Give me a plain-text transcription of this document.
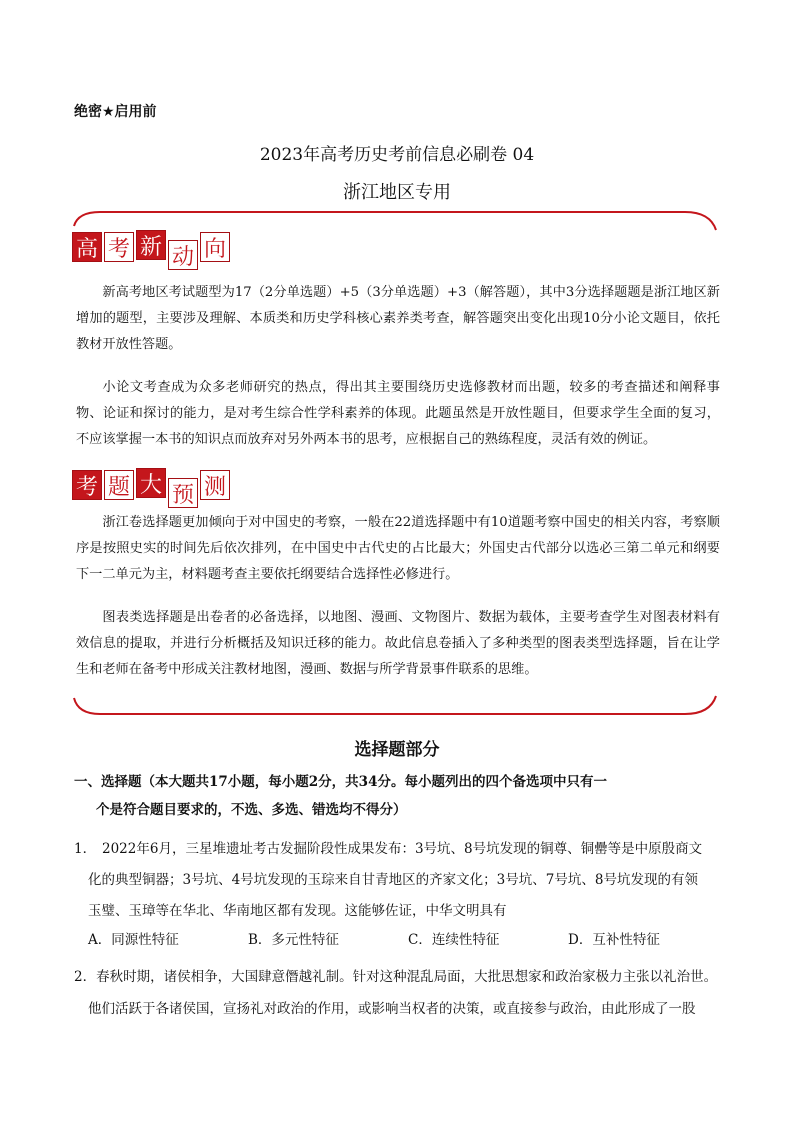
绝密★启用前
2023年高考历史考前信息必刷卷 04
浙江地区专用
高 考 新 动 向

新高考地区考试题型为17（2分单选题）+5（3分单选题）+3（解答题），其中3分选择题题是浙江地区新增加的题型，主要涉及理解、本质类和历史学科核心素养类考查，解答题突出变化出现10分小论文题目，依托教材开放性答题。

小论文考查成为众多老师研究的热点，得出其主要围绕历史选修教材而出题，较多的考查描述和阐释事物、论证和探讨的能力，是对考生综合性学科素养的体现。此题虽然是开放性题目，但要求学生全面的复习，不应该掌握一本书的知识点而放弃对另外两本书的思考，应根据自己的熟练程度，灵活有效的例证。

考 题 大 预 测

浙江卷选择题更加倾向于对中国史的考察，一般在22道选择题中有10道题考察中国史的相关内容，考察顺序是按照史实的时间先后依次排列，在中国史中古代史的占比最大；外国史古代部分以选必三第二单元和纲要下一二单元为主，材料题考查主要依托纲要结合选择性必修进行。

图表类选择题是出卷者的必备选择，以地图、漫画、文物图片、数据为载体，主要考查学生对图表材料有效信息的提取，并进行分析概括及知识迁移的能力。故此信息卷插入了多种类型的图表类型选择题，旨在让学生和老师在备考中形成关注教材地图，漫画、数据与所学背景事件联系的思维。

选择题部分
一、选择题（本大题共17小题，每小题2分，共34分。每小题列出的四个备选项中只有一
个是符合题目要求的，不选、多选、错选均不得分）
1． 2022年6月，三星堆遗址考古发掘阶段性成果发布：3号坑、8号坑发现的铜尊、铜罍等是中原殷商文
化的典型铜器；3号坑、4号坑发现的玉琮来自甘青地区的齐家文化；3号坑、7号坑、8号坑发现的有领
玉璧、玉璋等在华北、华南地区都有发现。这能够佐证，中华文明具有
A．同源性特征	B．多元性特征	C．连续性特征	D．互补性特征
2．春秋时期，诸侯相争，大国肆意僭越礼制。针对这种混乱局面，大批思想家和政治家极力主张以礼治世。
他们活跃于各诸侯国，宣扬礼对政治的作用，或影响当权者的决策，或直接参与政治，由此形成了一股
